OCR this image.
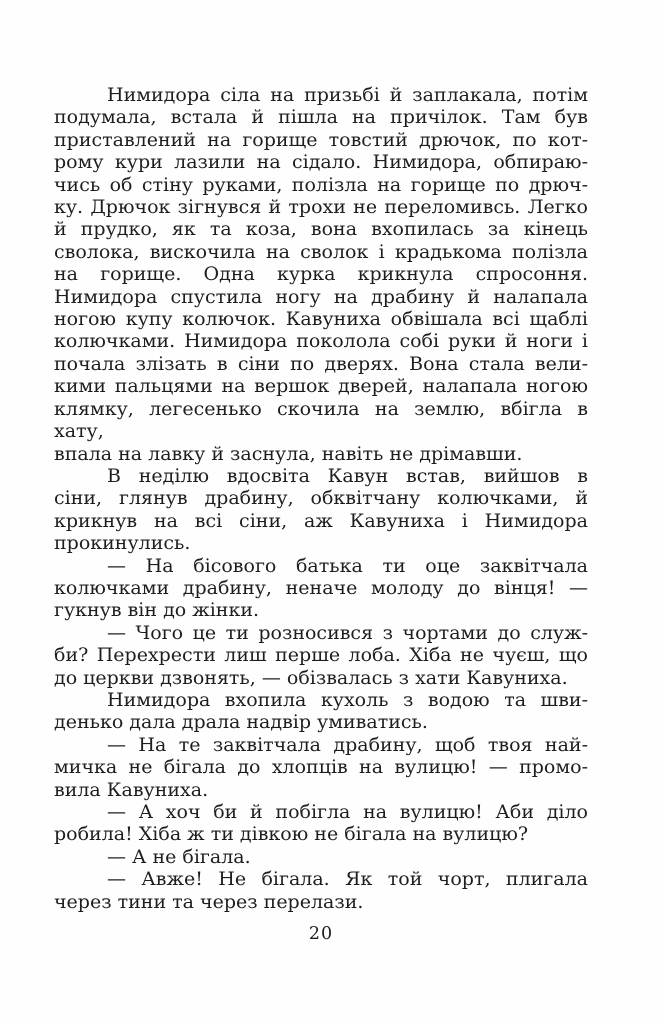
Нимидора сіла на призьбі й заплакала, потім
подумала, встала й пішла на причілок. Там був
приставлений на горище товстий дрючок, по кот-
рому кури лазили на сідало. Нимидора, обпираю-
чись об стіну руками, полізла на горище по дрюч-
ку. Дрючок зігнувся й трохи не переломивсь. Легко
й прудко, як та коза, вона вхопилась за кінець
сволока, вискочила на сволок і крадькома полізла
на горище. Одна курка крикнула спросоння.
Нимидора спустила ногу на драбину й налапала
ногою купу колючок. Кавуниха обвішала всі щаблі
колючками. Нимидора поколола собі руки й ноги і
почала злізать в сіни по дверях. Вона стала вели-
кими пальцями на вершок дверей, налапала ногою
клямку, легесенько скочила на землю, вбігла в хату,
впала на лавку й заснула, навіть не дрімавши.
В неділю вдосвіта Кавун встав, вийшов в
сіни, глянув драбину, обквітчану колючками, й
крикнув на всі сіни, аж Кавуниха і Нимидора
прокинулись.
— На бісового батька ти оце заквітчала
колючками драбину, неначе молоду до вінця! —
гукнув він до жінки.
— Чого це ти розносився з чортами до служ-
би? Перехрести лиш перше лоба. Хіба не чуєш, що
до церкви дзвонять, — обізвалась з хати Кавуниха.
Нимидора вхопила кухоль з водою та шви-
денько дала драла надвір умиватись.
— На те заквітчала драбину, щоб твоя най-
мичка не бігала до хлопців на вулицю! — промо-
вила Кавуниха.
— А хоч би й побігла на вулицю! Аби діло
робила! Хіба ж ти дівкою не бігала на вулицю?
— А не бігала.
— Авже! Не бігала. Як той чорт, плигала
через тини та через перелази.
20
